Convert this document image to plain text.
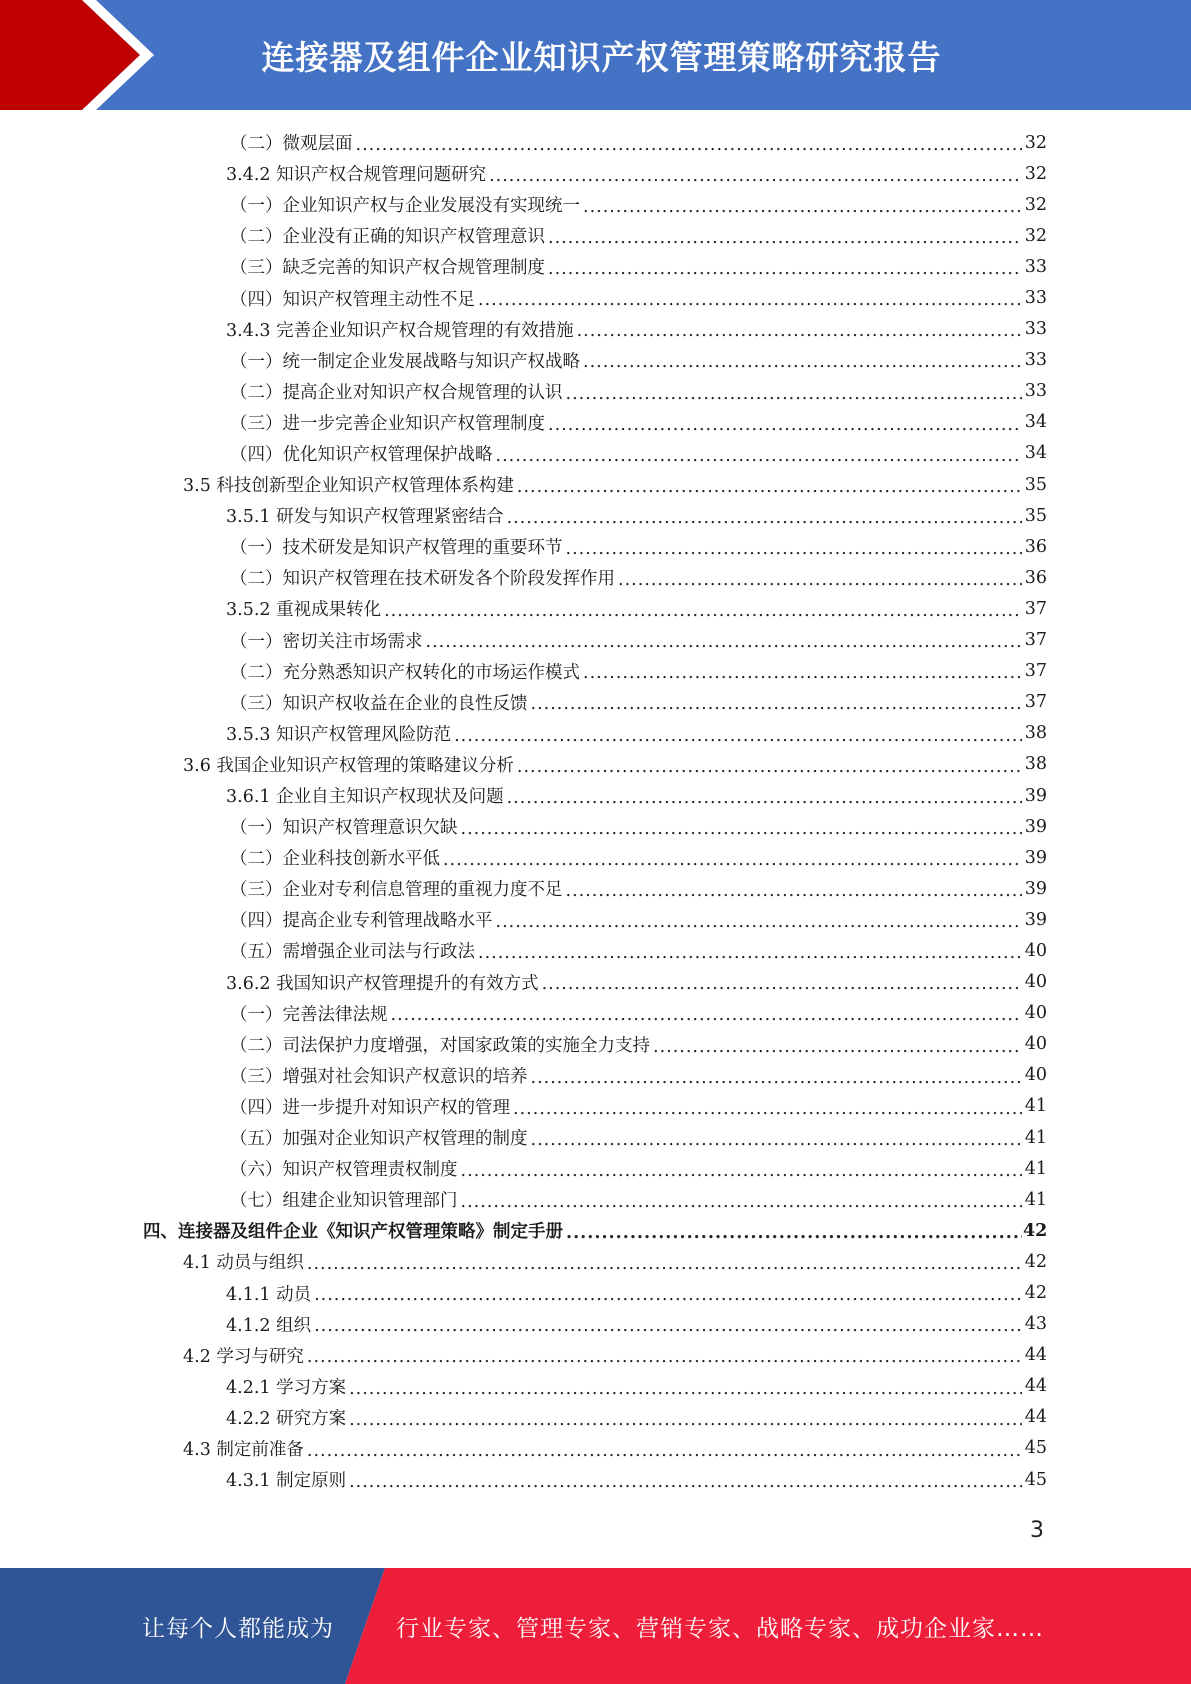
连接器及组件企业知识产权管理策略研究报告
（二）微观层面 .....	32
3.4.2 知识产权合规管理问题研究 .....	32
（一）企业知识产权与企业发展没有实现统一 .....	32
（二）企业没有正确的知识产权管理意识 .....	32
（三）缺乏完善的知识产权合规管理制度 .....	33
（四）知识产权管理主动性不足 .....	33
3.4.3 完善企业知识产权合规管理的有效措施 .....	33
（一）统一制定企业发展战略与知识产权战略 .....	33
（二）提高企业对知识产权合规管理的认识 .....	33
（三）进一步完善企业知识产权管理制度 .....	34
（四）优化知识产权管理保护战略 .....	34
3.5 科技创新型企业知识产权管理体系构建 .....	35
3.5.1 研发与知识产权管理紧密结合 .....	35
（一）技术研发是知识产权管理的重要环节 .....	36
（二）知识产权管理在技术研发各个阶段发挥作用 .....	36
3.5.2 重视成果转化 .....	37
（一）密切关注市场需求 .....	37
（二）充分熟悉知识产权转化的市场运作模式 .....	37
（三）知识产权收益在企业的良性反馈 .....	37
3.5.3 知识产权管理风险防范 .....	38
3.6 我国企业知识产权管理的策略建议分析 .....	38
3.6.1 企业自主知识产权现状及问题 .....	39
（一）知识产权管理意识欠缺 .....	39
（二）企业科技创新水平低 .....	39
（三）企业对专利信息管理的重视力度不足 .....	39
（四）提高企业专利管理战略水平 .....	39
（五）需增强企业司法与行政法 .....	40
3.6.2 我国知识产权管理提升的有效方式 .....	40
（一）完善法律法规 .....	40
（二）司法保护力度增强，对国家政策的实施全力支持 .....	40
（三）增强对社会知识产权意识的培养 .....	40
（四）进一步提升对知识产权的管理 .....	41
（五）加强对企业知识产权管理的制度 .....	41
（六）知识产权管理责权制度 .....	41
（七）组建企业知识管理部门 .....	41
四、连接器及组件企业《知识产权管理策略》制定手册 .....	42
4.1 动员与组织 .....	42
4.1.1 动员 .....	42
4.1.2 组织 .....	43
4.2 学习与研究 .....	44
4.2.1 学习方案 .....	44
4.2.2 研究方案 .....	44
4.3 制定前准备 .....	45
4.3.1 制定原则 .....	45
3
让每个人都能成为	行业专家、管理专家、营销专家、战略专家、成功企业家……
